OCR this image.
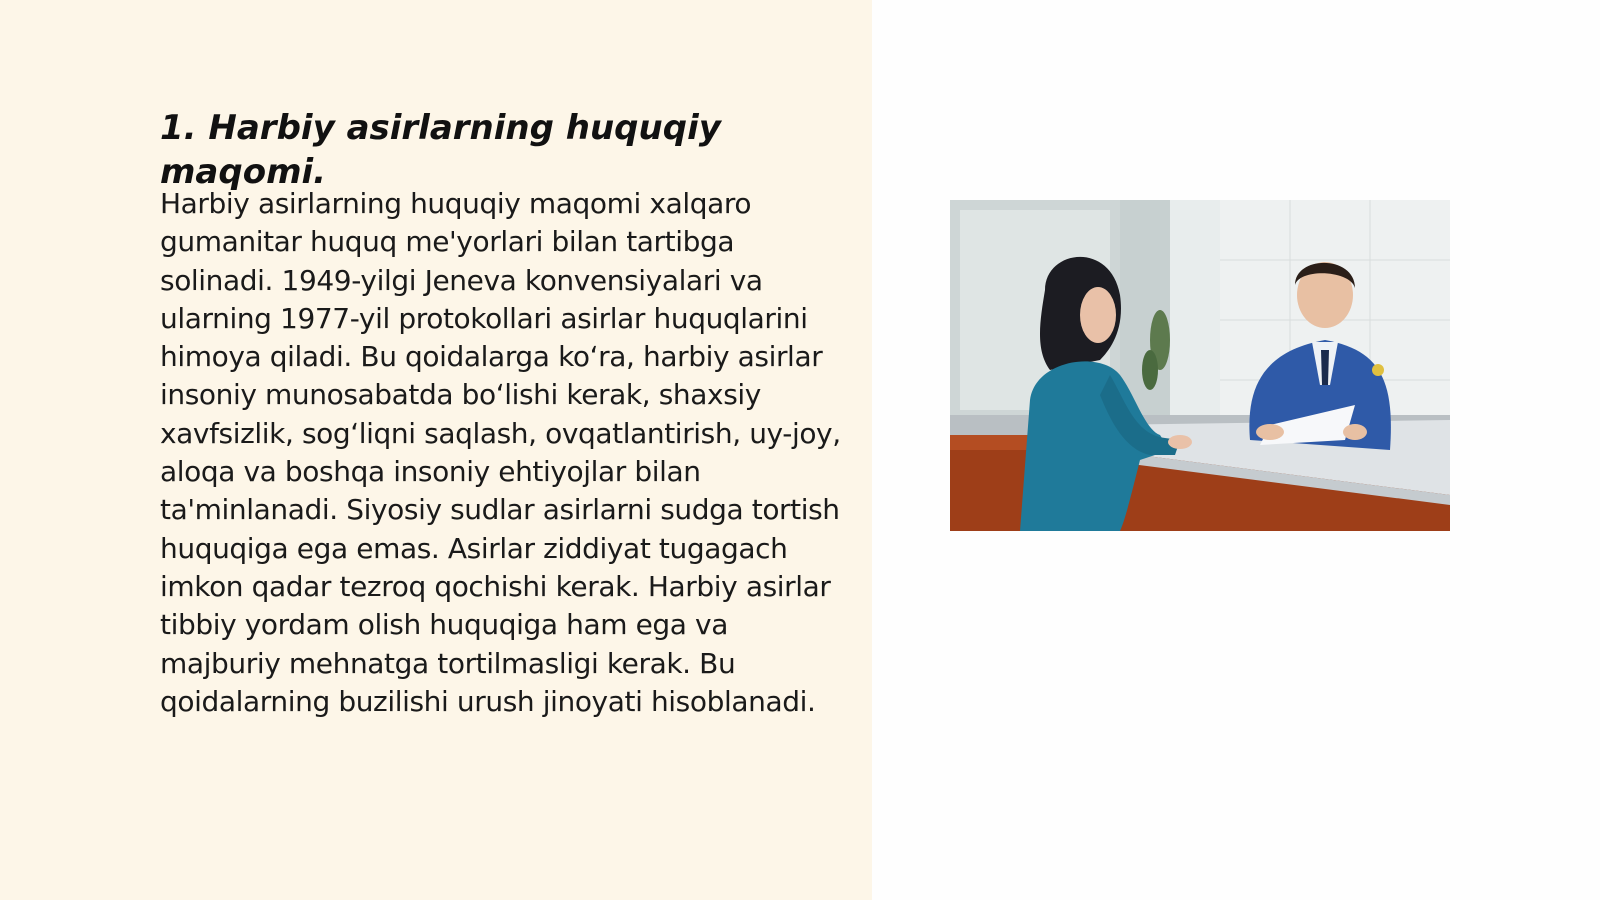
1. Harbiy asirlarning huquqiy maqomi.

Harbiy asirlarning huquqiy maqomi xalqaro gumanitar huquq me'yorlari bilan tartibga solinadi. 1949-yilgi Jeneva konvensiyalari va ularning 1977-yil protokollari asirlar huquqlarini himoya qiladi. Bu qoidalarga koʻra, harbiy asirlar insoniy munosabatda boʻlishi kerak, shaxsiy xavfsizlik, sogʻliqni saqlash, ovqatlantirish, uy-joy, aloqa va boshqa insoniy ehtiyojlar bilan ta'minlanadi. Siyosiy sudlar asirlarni sudga tortish huquqiga ega emas. Asirlar ziddiyat tugagach imkon qadar tezroq qochishi kerak. Harbiy asirlar tibbiy yordam olish huquqiga ham ega va majburiy mehnatga tortilmasligi kerak. Bu qoidalarning buzilishi urush jinoyati hisoblanadi.
